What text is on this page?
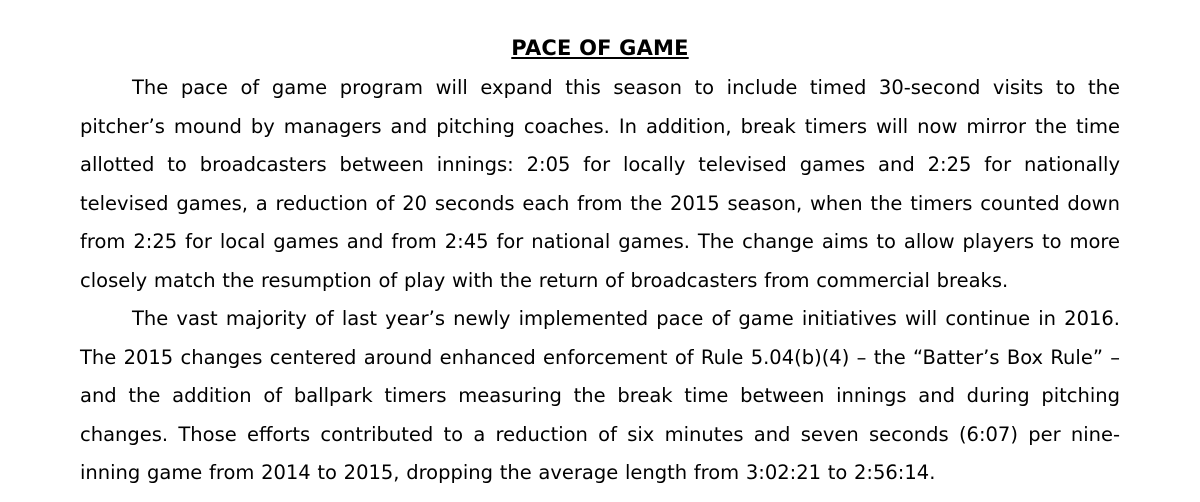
PACE OF GAME

The pace of game program will expand this season to include timed 30-second visits to the pitcher’s mound by managers and pitching coaches. In addition, break timers will now mirror the time allotted to broadcasters between innings: 2:05 for locally televised games and 2:25 for nationally televised games, a reduction of 20 seconds each from the 2015 season, when the timers counted down from 2:25 for local games and from 2:45 for national games. The change aims to allow players to more closely match the resumption of play with the return of broadcasters from commercial breaks.

The vast majority of last year’s newly implemented pace of game initiatives will continue in 2016. The 2015 changes centered around enhanced enforcement of Rule 5.04(b)(4) – the “Batter’s Box Rule” – and the addition of ballpark timers measuring the break time between innings and during pitching changes. Those efforts contributed to a reduction of six minutes and seven seconds (6:07) per nine-inning game from 2014 to 2015, dropping the average length from 3:02:21 to 2:56:14.
